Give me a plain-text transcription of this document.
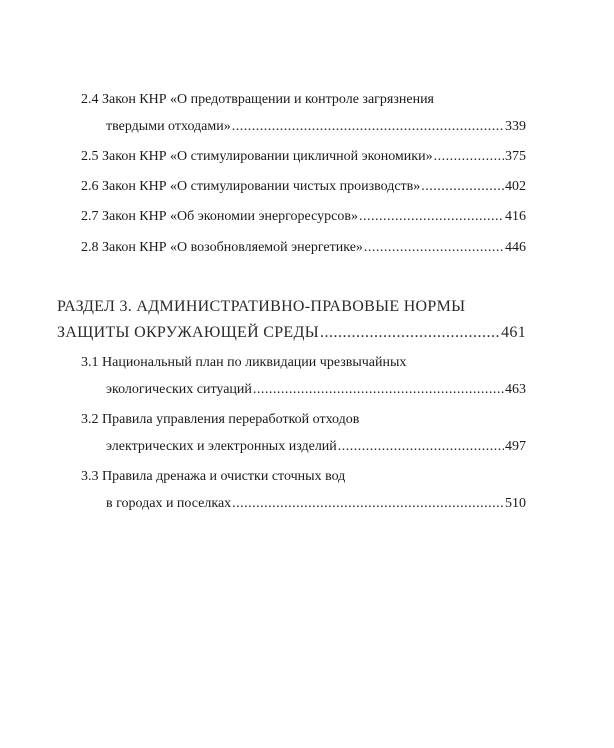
2.4 Закон КНР «О предотвращении и контроле загрязнения
твердыми отходами» .....	339
2.5 Закон КНР «О стимулировании цикличной экономики» .....	375
2.6 Закон КНР «О стимулировании чистых производств» .....	402
2.7 Закон КНР «Об экономии энергоресурсов» .....	416
2.8 Закон КНР «О возобновляемой энергетике» .....	446
РАЗДЕЛ 3. АДМИНИСТРАТИВНО-ПРАВОВЫЕ НОРМЫ
ЗАЩИТЫ ОКРУЖАЮЩЕЙ СРЕДЫ .....	461
3.1 Национальный план по ликвидации чрезвычайных
экологических ситуаций .....	463
3.2 Правила управления переработкой отходов
электрических и электронных изделий .....	497
3.3 Правила дренажа и очистки сточных вод
в городах и поселках .....	510
